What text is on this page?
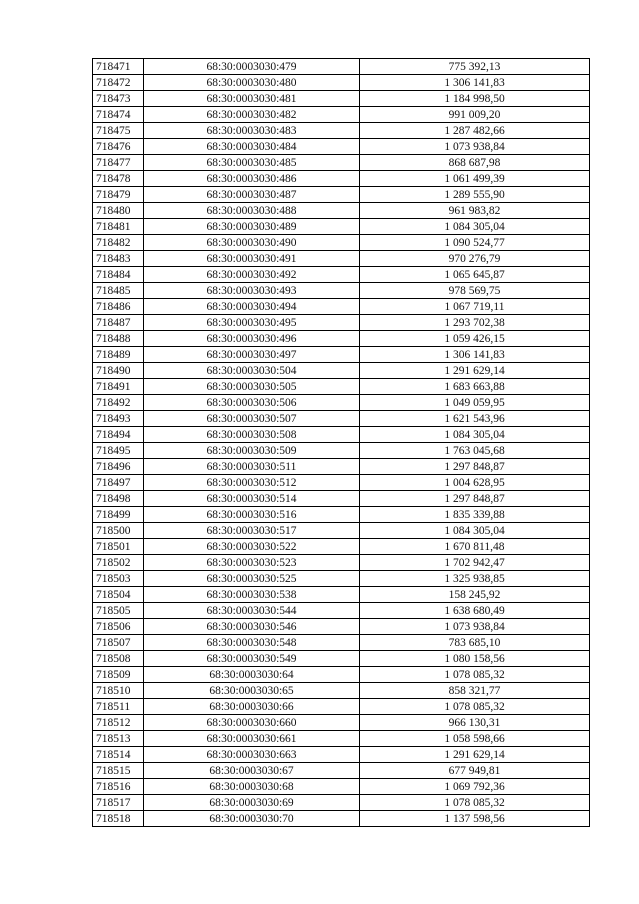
718471	68:30:0003030:479	775 392,13
718472	68:30:0003030:480	1 306 141,83
718473	68:30:0003030:481	1 184 998,50
718474	68:30:0003030:482	991 009,20
718475	68:30:0003030:483	1 287 482,66
718476	68:30:0003030:484	1 073 938,84
718477	68:30:0003030:485	868 687,98
718478	68:30:0003030:486	1 061 499,39
718479	68:30:0003030:487	1 289 555,90
718480	68:30:0003030:488	961 983,82
718481	68:30:0003030:489	1 084 305,04
718482	68:30:0003030:490	1 090 524,77
718483	68:30:0003030:491	970 276,79
718484	68:30:0003030:492	1 065 645,87
718485	68:30:0003030:493	978 569,75
718486	68:30:0003030:494	1 067 719,11
718487	68:30:0003030:495	1 293 702,38
718488	68:30:0003030:496	1 059 426,15
718489	68:30:0003030:497	1 306 141,83
718490	68:30:0003030:504	1 291 629,14
718491	68:30:0003030:505	1 683 663,88
718492	68:30:0003030:506	1 049 059,95
718493	68:30:0003030:507	1 621 543,96
718494	68:30:0003030:508	1 084 305,04
718495	68:30:0003030:509	1 763 045,68
718496	68:30:0003030:511	1 297 848,87
718497	68:30:0003030:512	1 004 628,95
718498	68:30:0003030:514	1 297 848,87
718499	68:30:0003030:516	1 835 339,88
718500	68:30:0003030:517	1 084 305,04
718501	68:30:0003030:522	1 670 811,48
718502	68:30:0003030:523	1 702 942,47
718503	68:30:0003030:525	1 325 938,85
718504	68:30:0003030:538	158 245,92
718505	68:30:0003030:544	1 638 680,49
718506	68:30:0003030:546	1 073 938,84
718507	68:30:0003030:548	783 685,10
718508	68:30:0003030:549	1 080 158,56
718509	68:30:0003030:64	1 078 085,32
718510	68:30:0003030:65	858 321,77
718511	68:30:0003030:66	1 078 085,32
718512	68:30:0003030:660	966 130,31
718513	68:30:0003030:661	1 058 598,66
718514	68:30:0003030:663	1 291 629,14
718515	68:30:0003030:67	677 949,81
718516	68:30:0003030:68	1 069 792,36
718517	68:30:0003030:69	1 078 085,32
718518	68:30:0003030:70	1 137 598,56
